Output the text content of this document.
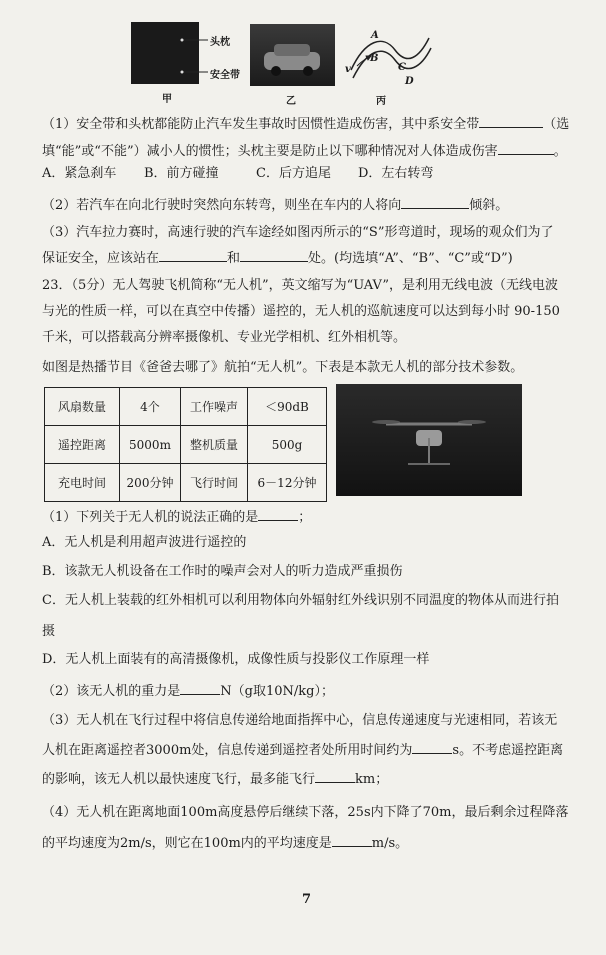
头枕
安全带
甲	乙
A
B
C
D
v
丙
（1）安全带和头枕都能防止汽车发生事故时因惯性造成伤害，其中系安全带	（选
填“能”或“不能”）减小人的惯性；头枕主要是防止以下哪种情况对人体造成伤害	。
A．紧急刹车 B．前方碰撞	C．后方追尾 D．左右转弯
（2）若汽车在向北行驶时突然向东转弯，则坐在车内的人将向	倾斜。
（3）汽车拉力赛时，高速行驶的汽车途经如图丙所示的“S”形弯道时，现场的观众们为了
保证安全，应该站在	和	处。(均选填“A”、“B”、“C”或“D”)
23．（5分）无人驾驶飞机简称“无人机”，英文缩写为“UAV”，是利用无线电波（无线电波
与光的性质一样，可以在真空中传播）遥控的，无人机的巡航速度可以达到每小时 90-150
千米，可以搭载高分辨率摄像机、专业光学相机、红外相机等。
如图是热播节目《爸爸去哪了》航拍“无人机”。下表是本款无人机的部分技术参数。
风扇数量	4个	工作噪声	＜90dB
遥控距离	5000m	整机质量	500g
充电时间	200分钟	飞行时间	6－12分钟
（1）下列关于无人机的说法正确的是	；
A．无人机是利用超声波进行遥控的
B．该款无人机设备在工作时的噪声会对人的听力造成严重损伤
C．无人机上装载的红外相机可以利用物体向外辐射红外线识别不同温度的物体从而进行拍
摄
D．无人机上面装有的高清摄像机，成像性质与投影仪工作原理一样
（2）该无人机的重力是	N（g取10N/kg）；
（3）无人机在飞行过程中将信息传递给地面指挥中心，信息传递速度与光速相同，若该无
人机在距离遥控者3000m处，信息传递到遥控者处所用时间约为	s。不考虑遥控距离
的影响，该无人机以最快速度飞行，最多能飞行	km；
（4）无人机在距离地面100m高度悬停后继续下落，25s内下降了70m，最后剩余过程降落
的平均速度为2m/s，则它在100m内的平均速度是	m/s。
7
